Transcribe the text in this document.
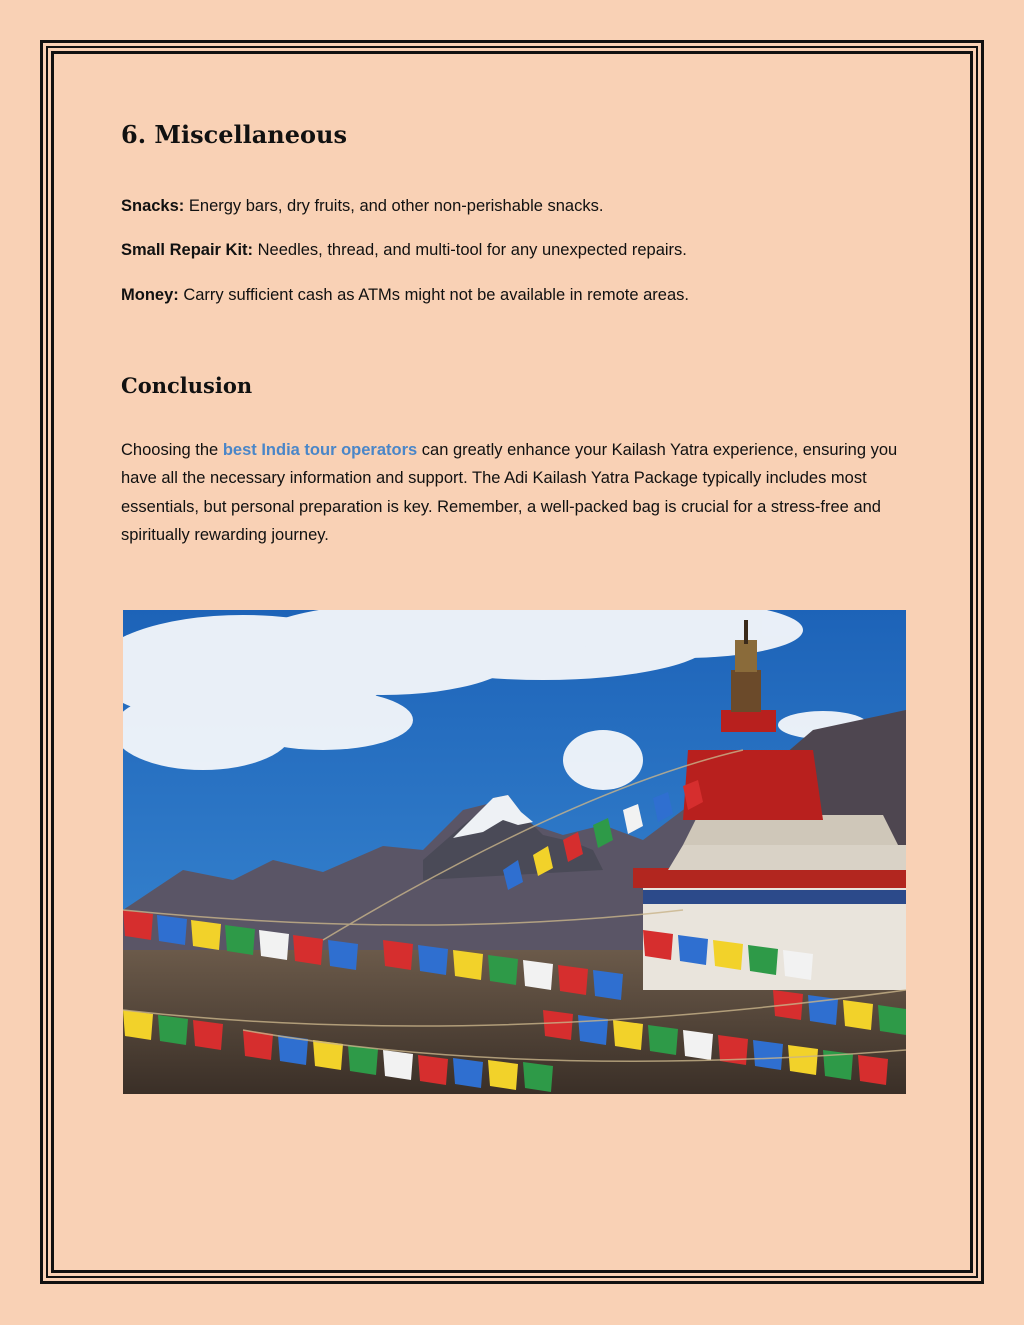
6. Miscellaneous
Snacks: Energy bars, dry fruits, and other non-perishable snacks.
Small Repair Kit: Needles, thread, and multi-tool for any unexpected repairs.
Money: Carry sufficient cash as ATMs might not be available in remote areas.
Conclusion

Choosing the best India tour operators can greatly enhance your Kailash Yatra experience, ensuring you have all the necessary information and support. The Adi Kailash Yatra Package typically includes most essentials, but personal preparation is key. Remember, a well-packed bag is crucial for a stress-free and spiritually rewarding journey.
